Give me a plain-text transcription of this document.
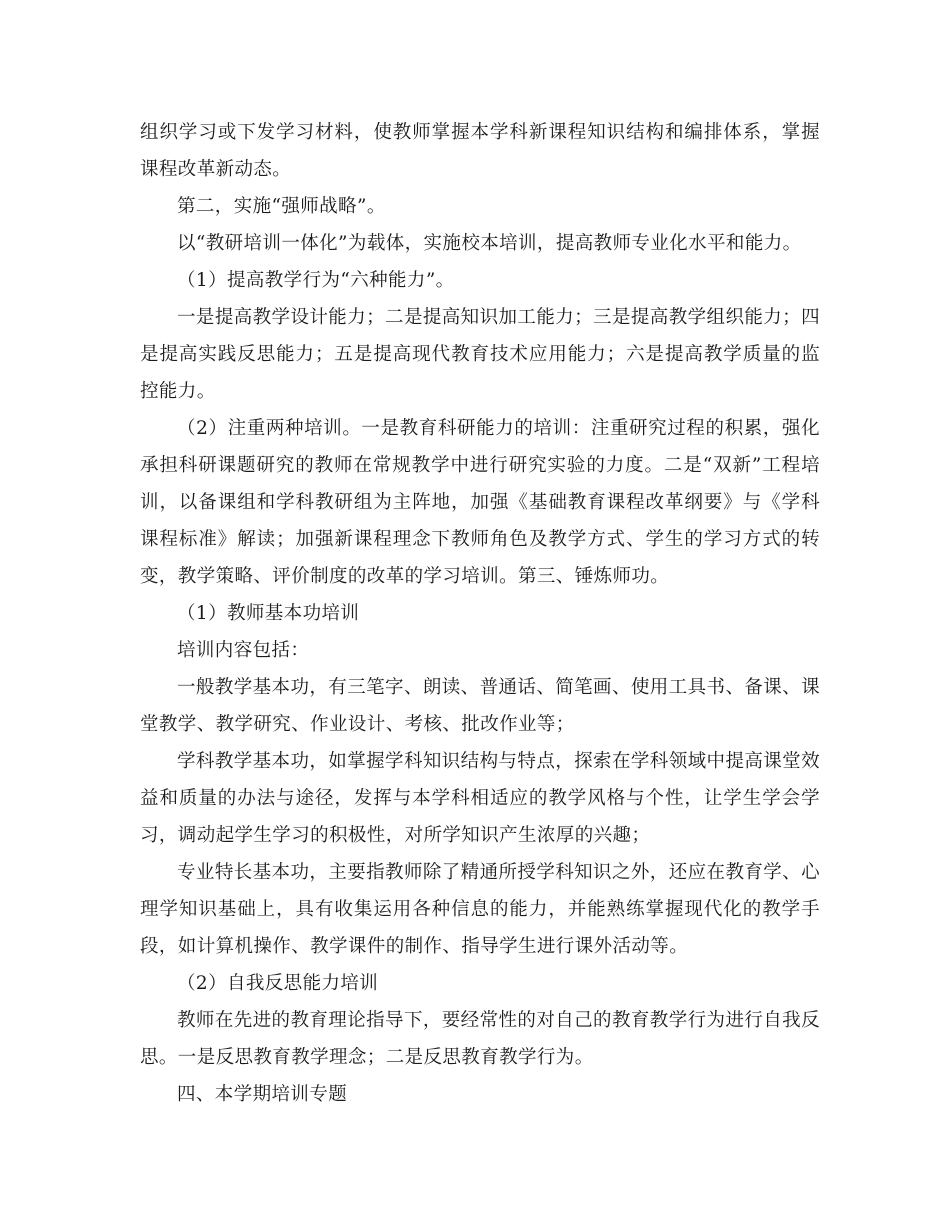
组织学习或下发学习材料，使教师掌握本学科新课程知识结构和编排体系，掌握课程改革新动态。

第二，实施“强师战略”。

以“教研培训一体化”为载体，实施校本培训，提高教师专业化水平和能力。

（1）提高教学行为“六种能力”。

一是提高教学设计能力；二是提高知识加工能力；三是提高教学组织能力；四是提高实践反思能力；五是提高现代教育技术应用能力；六是提高教学质量的监控能力。

（2）注重两种培训。一是教育科研能力的培训：注重研究过程的积累，强化承担科研课题研究的教师在常规教学中进行研究实验的力度。二是“双新”工程培训，以备课组和学科教研组为主阵地，加强《基础教育课程改革纲要》与《学科课程标准》解读；加强新课程理念下教师角色及教学方式、学生的学习方式的转变，教学策略、评价制度的改革的学习培训。第三、锤炼师功。

（1）教师基本功培训

培训内容包括：

一般教学基本功，有三笔字、朗读、普通话、简笔画、使用工具书、备课、课堂教学、教学研究、作业设计、考核、批改作业等；

学科教学基本功，如掌握学科知识结构与特点，探索在学科领域中提高课堂效益和质量的办法与途径，发挥与本学科相适应的教学风格与个性，让学生学会学习，调动起学生学习的积极性，对所学知识产生浓厚的兴趣；

专业特长基本功，主要指教师除了精通所授学科知识之外，还应在教育学、心理学知识基础上，具有收集运用各种信息的能力，并能熟练掌握现代化的教学手段，如计算机操作、教学课件的制作、指导学生进行课外活动等。

（2）自我反思能力培训

教师在先进的教育理论指导下，要经常性的对自己的教育教学行为进行自我反思。一是反思教育教学理念；二是反思教育教学行为。

四、本学期培训专题
